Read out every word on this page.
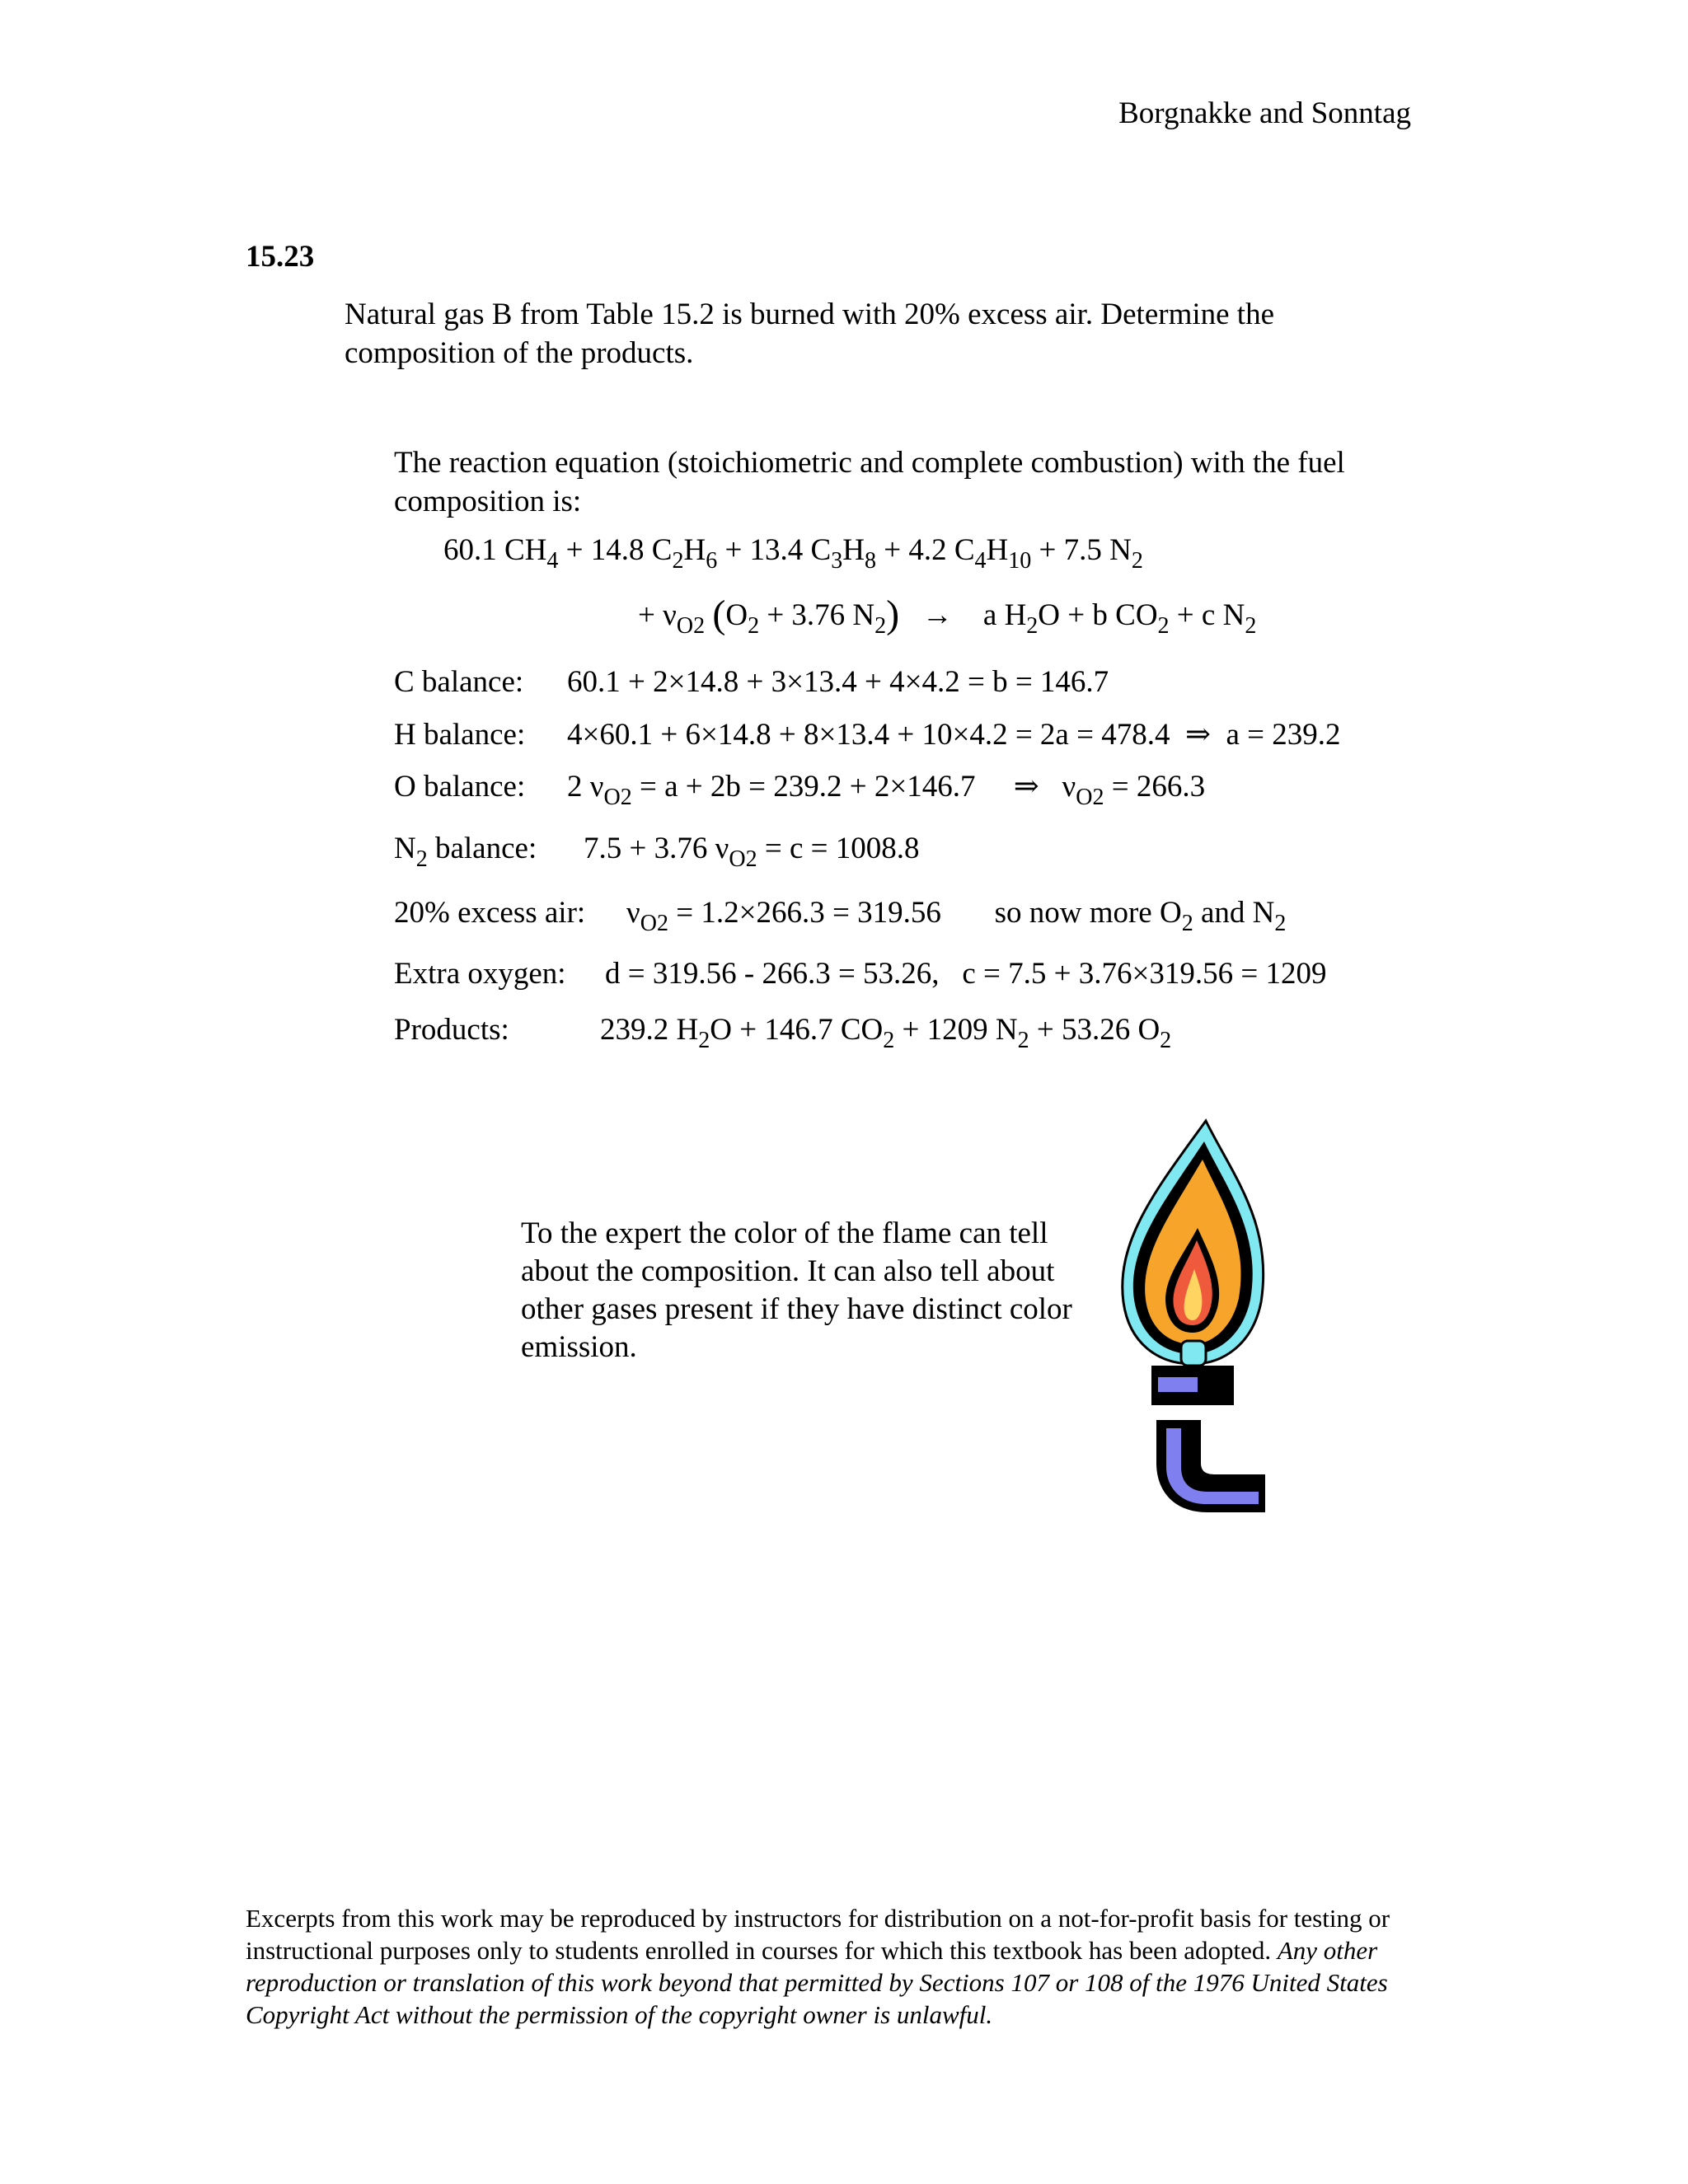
Borgnakke and Sonntag
15.23
Natural gas B from Table 15.2 is burned with 20% excess air. Determine the composition of the products.
The reaction equation (stoichiometric and complete combustion) with the fuel composition is:
60.1 $CH_4 + 14.8$ $C_2H_6 + 13.4$ $C_3H_8 + 4.2$ $C_4H_{10} + 7.5$ $N_2$
+ $\nu_{O2}$ ($O_2 + 3.76$ $N_2$)   →    a $H_2O + b$ $CO_2 + c$ $N_2$
C balance: 60.1 + 2×14.8 + 3×13.4 + 4×4.2 = b = 146.7
H balance: 4×60.1 + 6×14.8 + 8×13.4 + 10×4.2 = 2a = 478.4  ⇒  a = 239.2
O balance: 2 $\nu_{O2} = a + 2b = 239.2 + 2\times 146.7$     ⇒   $\nu_{O2} = 266.3$
$N_2$ balance: 7.5 + 3.76 $\nu_{O2} = c = 1008.8$
20% excess air: $\nu_{O2} = 1.2\times 266.3 = 319.56$       so now more $O_2$ and $N_2$
Extra oxygen: d = 319.56 - 266.3 = 53.26, c = 7.5 + 3.76×319.56 = 1209
Products:	239.2 $H_2O + 146.7$ $CO_2 + 1209$ $N_2 + 53.26$ $O_2$
To the expert the color of the flame can tell about the composition. It can also tell about other gases present if they have distinct color emission.
Excerpts from this work may be reproduced by instructors for distribution on a not-for-profit basis for testing or instructional purposes only to students enrolled in courses for which this textbook has been adopted. Any other reproduction or translation of this work beyond that permitted by Sections 107 or 108 of the 1976 United States Copyright Act without the permission of the copyright owner is unlawful.
